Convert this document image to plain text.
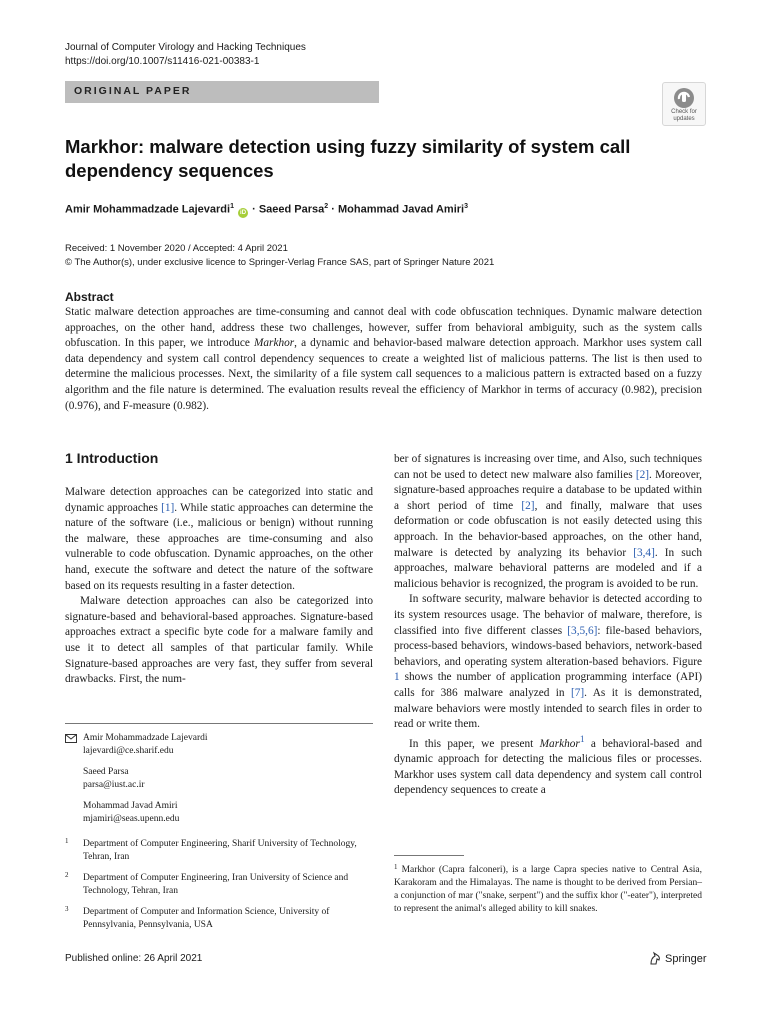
Journal of Computer Virology and Hacking Techniques
https://doi.org/10.1007/s11416-021-00383-1
ORIGINAL PAPER
Check for
updates
Markhor: malware detection using fuzzy similarity of system call dependency sequences
Amir Mohammadzade Lajevardi$^1$ iD · Saeed Parsa$^2$ · Mohammad Javad Amiri$^3$
Received: 1 November 2020 / Accepted: 4 April 2021
© The Author(s), under exclusive licence to Springer-Verlag France SAS, part of Springer Nature 2021
Abstract
Static malware detection approaches are time-consuming and cannot deal with code obfuscation techniques. Dynamic malware detection approaches, on the other hand, address these two challenges, however, suffer from behavioral ambiguity, such as the system calls obfuscation. In this paper, we introduce Markhor, a dynamic and behavior-based malware detection approach. Markhor uses system call data dependency and system call control dependency sequences to create a weighted list of malicious patterns. The list is then used to determine the malicious processes. Next, the similarity of a file system call sequences to a malicious pattern is extracted based on a fuzzy algorithm and the file nature is determined. The evaluation results reveal the efficiency of Markhor in terms of accuracy (0.982), precision (0.976), and F-measure (0.982).
1 Introduction

Malware detection approaches can be categorized into static and dynamic approaches [1]. While static approaches can determine the nature of the software (i.e., malicious or benign) without running the malware, these approaches are time-consuming and also vulnerable to code obfuscation. Dynamic approaches, on the other hand, execute the software and detect the nature of the software based on its requests resulting in a faster detection.

Malware detection approaches can also be categorized into signature-based and behavioral-based approaches. Signature-based approaches extract a specific byte code for a malware family and use it to detect all samples of that particular family. While Signature-based approaches are very fast, they suffer from several drawbacks. First, the num-

ber of signatures is increasing over time, and Also, such techniques can not be used to detect new malware also families [2]. Moreover, signature-based approaches require a database to be updated within a short period of time [2], and finally, malware that uses deformation or code obfuscation is not easily detected using this approach. In the behavior-based approaches, on the other hand, malware is detected by analyzing its behavior [3,4]. In such approaches, malware behavioral patterns are modeled and if a malicious behavior is recognized, the program is avoided to be run.

In software security, malware behavior is detected according to its system resources usage. The behavior of malware, therefore, is classified into five different classes [3,5,6]: file-based behaviors, process-based behaviors, windows-based behaviors, network-based behaviors, and operating system alteration-based behaviors. Figure 1 shows the number of application programming interface (API) calls for 386 malware analyzed in [7]. As it is demonstrated, malware behaviors were mostly intended to search files in order to read or write them.

In this paper, we present Markhor$^1$ a behavioral-based and dynamic approach for detecting the malicious files or processes. Markhor uses system call data dependency and system call control dependency sequences to create a

Amir Mohammadzade Lajevardi
lajevardi@ce.sharif.edu
Saeed Parsa
parsa@iust.ac.ir
Mohammad Javad Amiri
mjamiri@seas.upenn.edu
1 Department of Computer Engineering, Sharif University of Technology, Tehran, Iran
2 Department of Computer Engineering, Iran University of Science and Technology, Tehran, Iran
3 Department of Computer and Information Science, University of Pennsylvania, Pennsylvania, USA
$^1$ Markhor (Capra falconeri), is a large Capra species native to Central Asia, Karakoram and the Himalayas. The name is thought to be derived from Persian–a conjunction of mar ("snake, serpent") and the suffix khor ("-eater"), interpreted to represent the animal's alleged ability to kill snakes.
Published online: 26 April 2021	Springer
